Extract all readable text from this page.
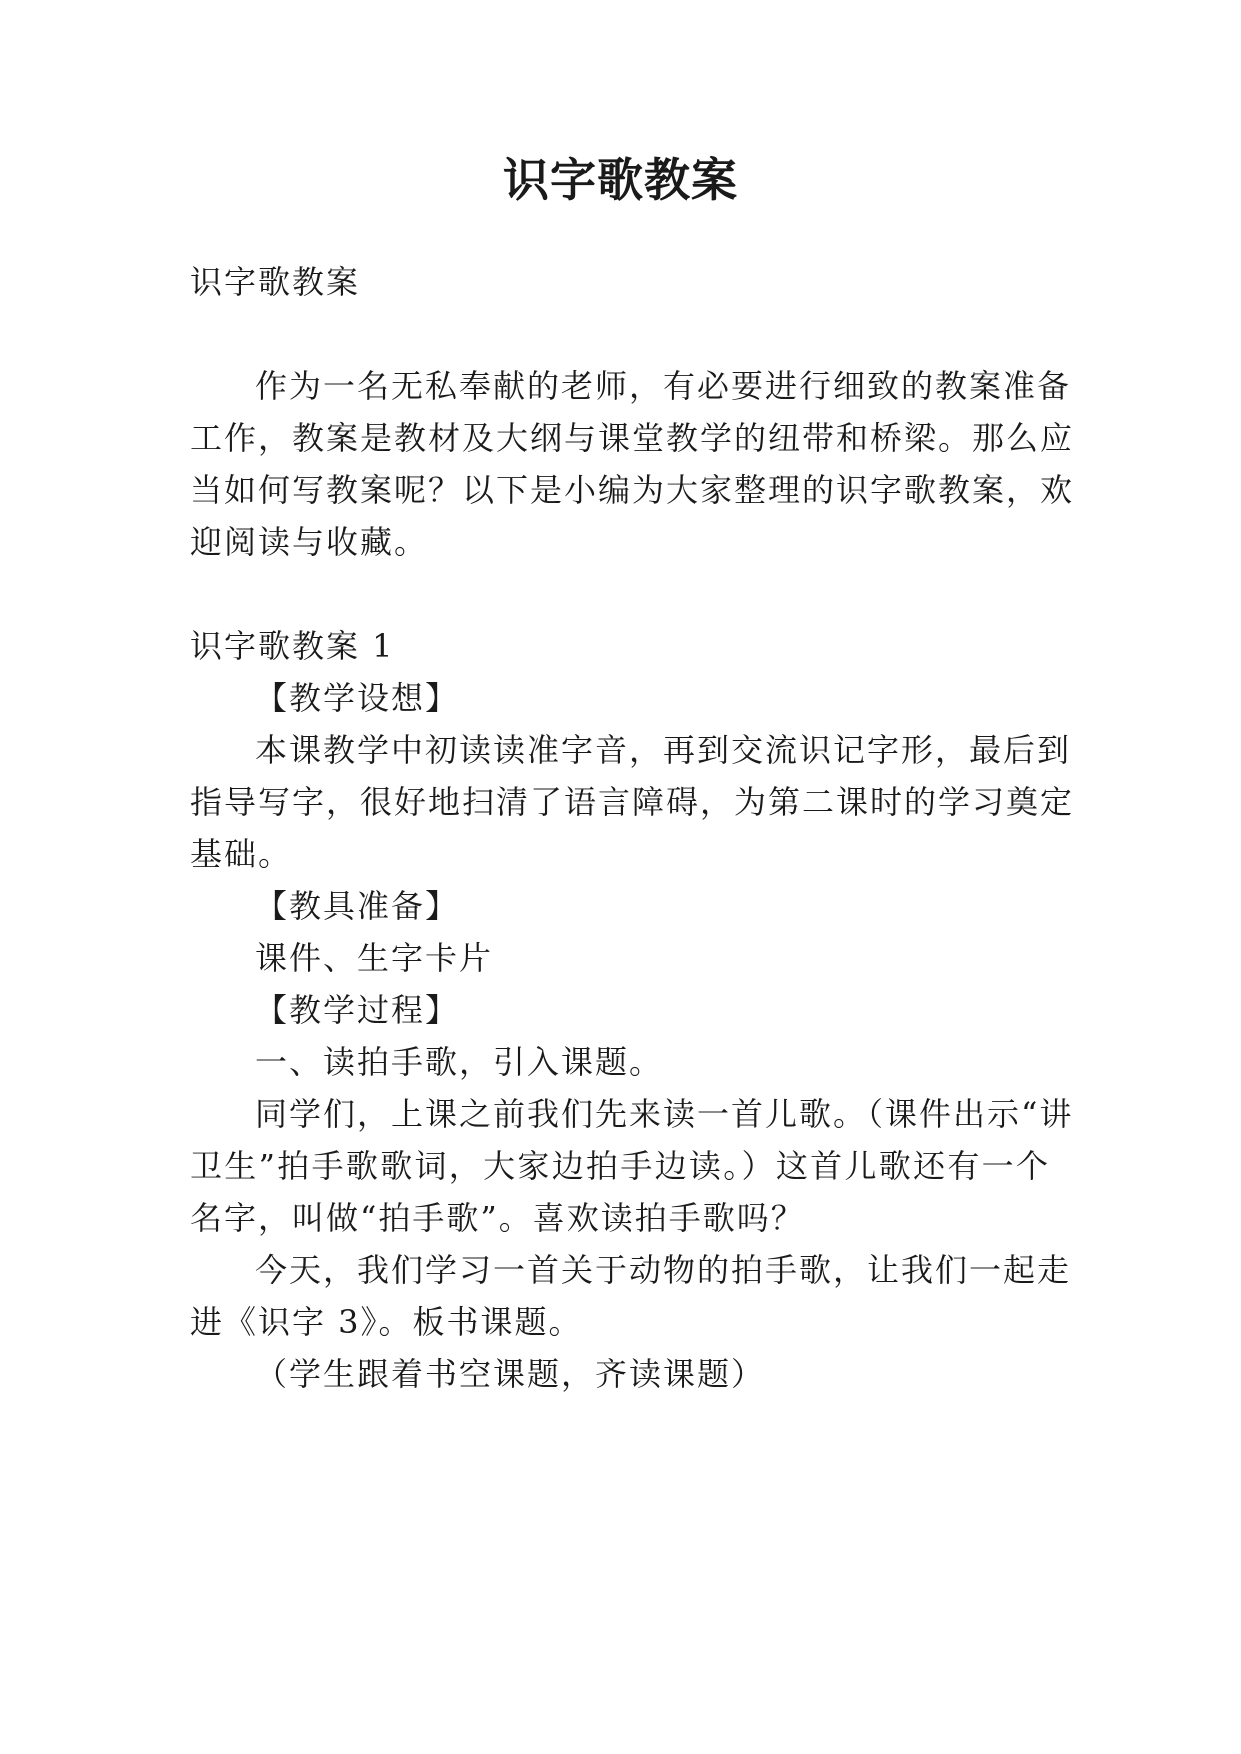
识字歌教案

识字歌教案

作为一名无私奉献的老师，有必要进行细致的教案准备

工作，教案是教材及大纲与课堂教学的纽带和桥梁。那么应

当如何写教案呢？以下是小编为大家整理的识字歌教案，欢

迎阅读与收藏。

识字歌教案 1

【教学设想】

本课教学中初读读准字音，再到交流识记字形，最后到

指导写字，很好地扫清了语言障碍，为第二课时的学习奠定

基础。

【教具准备】

课件、生字卡片

【教学过程】

一、读拍手歌，引入课题。

同学们，上课之前我们先来读一首儿歌。（课件出示“讲

卫生”拍手歌歌词，大家边拍手边读。）这首儿歌还有一个

名字，叫做“拍手歌”。喜欢读拍手歌吗？

今天，我们学习一首关于动物的拍手歌，让我们一起走

进《识字 3》。板书课题。

（学生跟着书空课题，齐读课题）
